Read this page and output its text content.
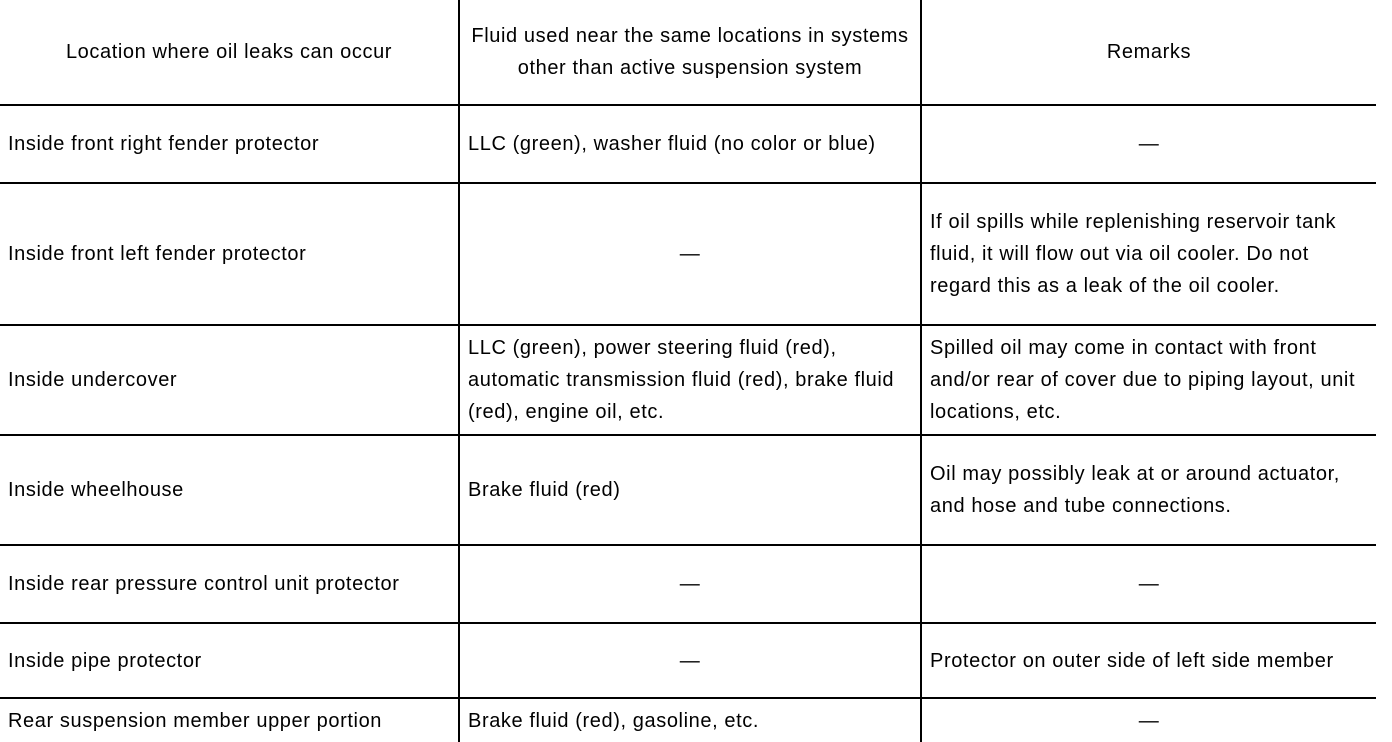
Location where oil leaks can occur	Fluid used near the same locations in systems other than active suspension system	Remarks
Inside front right fender protector	LLC (green), washer fluid (no color or blue)	—
Inside front left fender protector	—	If oil spills while replenishing reservoir tank fluid, it will flow out via oil cooler. Do not regard this as a leak of the oil cooler.
Inside undercover	LLC (green), power steering fluid (red), automatic transmission fluid (red), brake fluid (red), engine oil, etc.	Spilled oil may come in contact with front and/or rear of cover due to piping layout, unit locations, etc.
Inside wheelhouse	Brake fluid (red)	Oil may possibly leak at or around actuator, and hose and tube connections.
Inside rear pressure control unit protector	—	—
Inside pipe protector	—	Protector on outer side of left side member
Rear suspension member upper portion	Brake fluid (red), gasoline, etc.	—
